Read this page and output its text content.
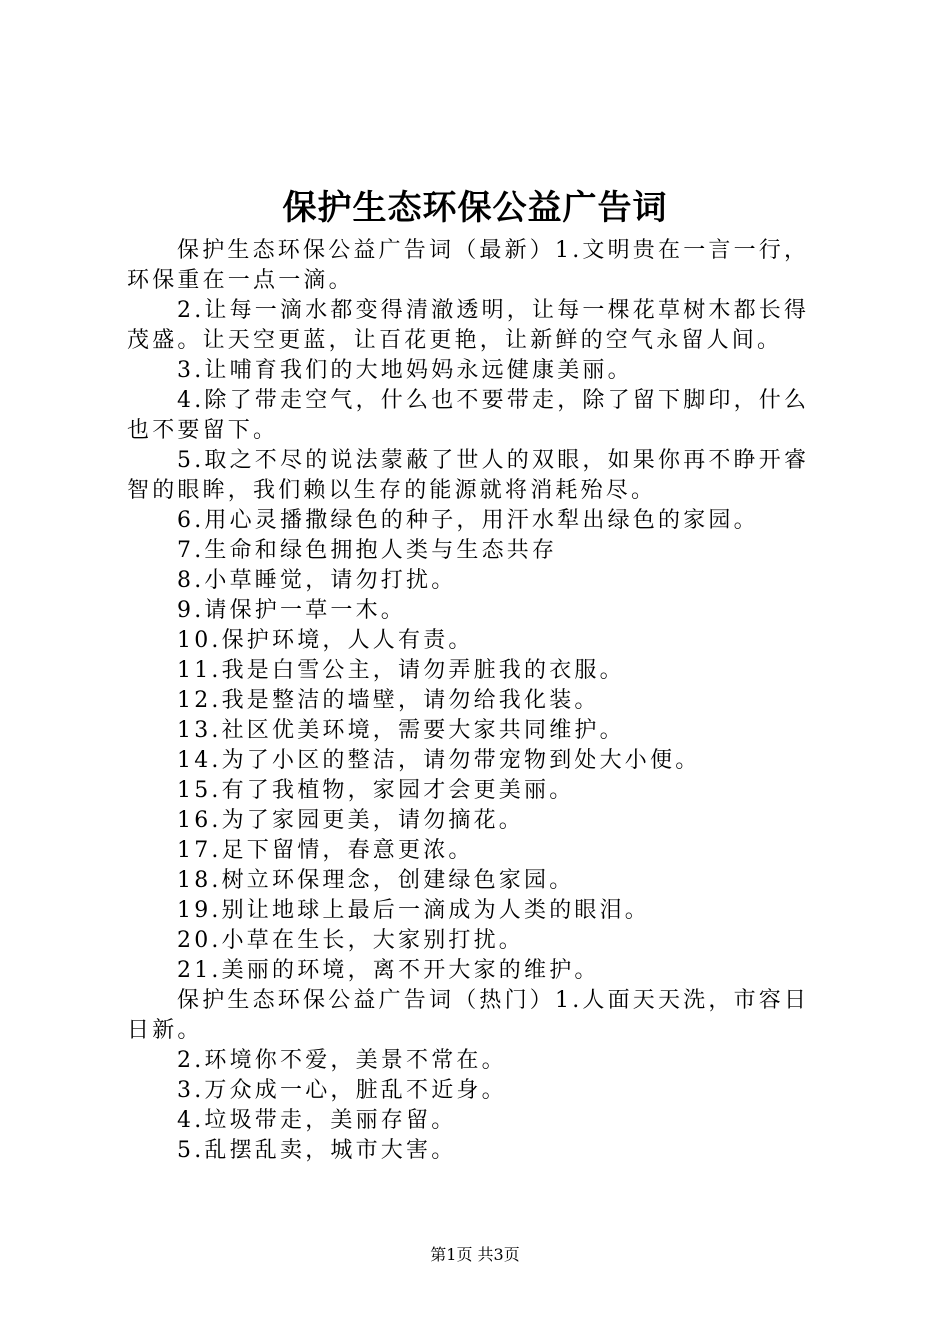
保护生态环保公益广告词

保护生态环保公益广告词（最新）1.文明贵在一言一行，环保重在一点一滴。

2.让每一滴水都变得清澈透明，让每一棵花草树木都长得茂盛。让天空更蓝，让百花更艳，让新鲜的空气永留人间。

3.让哺育我们的大地妈妈永远健康美丽。

4.除了带走空气，什么也不要带走，除了留下脚印，什么也不要留下。

5.取之不尽的说法蒙蔽了世人的双眼，如果你再不睁开睿智的眼眸，我们赖以生存的能源就将消耗殆尽。

6.用心灵播撒绿色的种子，用汗水犁出绿色的家园。

7.生命和绿色拥抱人类与生态共存

8.小草睡觉，请勿打扰。

9.请保护一草一木。

10.保护环境，人人有责。

11.我是白雪公主，请勿弄脏我的衣服。

12.我是整洁的墙壁，请勿给我化装。

13.社区优美环境，需要大家共同维护。

14.为了小区的整洁，请勿带宠物到处大小便。

15.有了我植物，家园才会更美丽。

16.为了家园更美，请勿摘花。

17.足下留情，春意更浓。

18.树立环保理念，创建绿色家园。

19.别让地球上最后一滴成为人类的眼泪。

20.小草在生长，大家别打扰。

21.美丽的环境，离不开大家的维护。

保护生态环保公益广告词（热门）1.人面天天洗，市容日日新。

2.环境你不爱，美景不常在。

3.万众成一心，脏乱不近身。

4.垃圾带走，美丽存留。

5.乱摆乱卖，城市大害。

第1页 共3页
